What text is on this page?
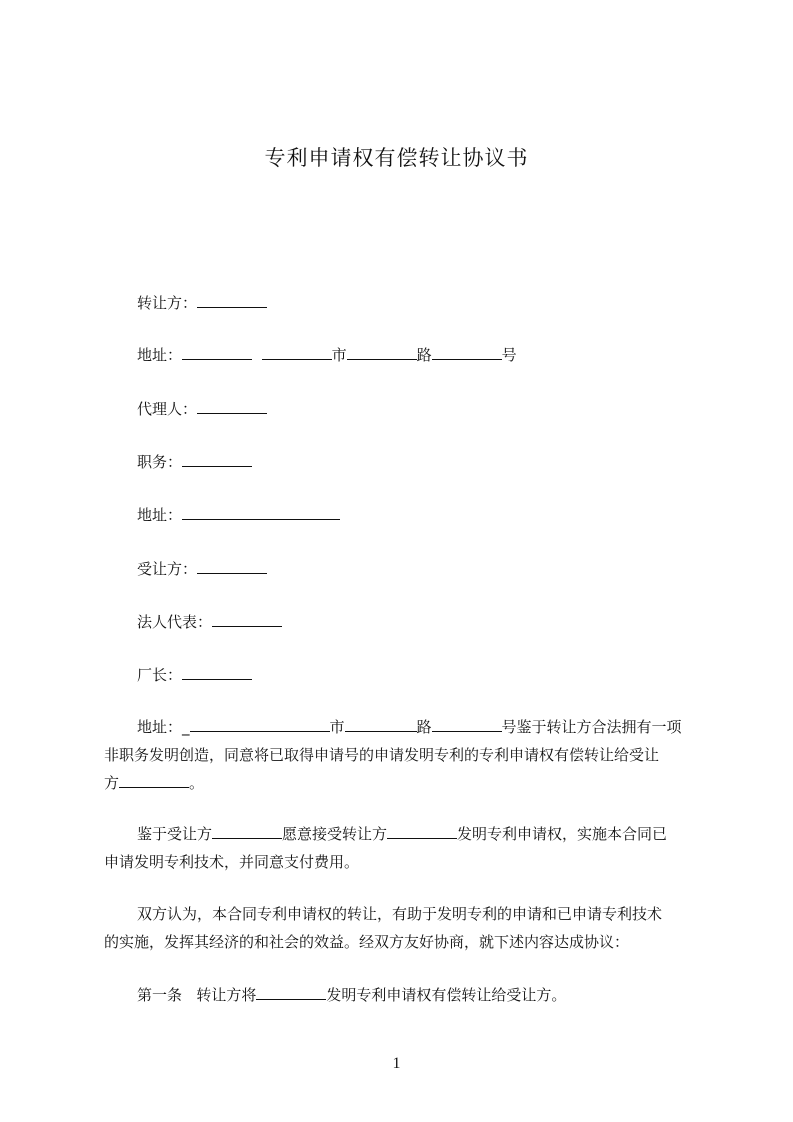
专利申请权有偿转让协议书
转让方：
地址：	市	路	号
代理人：
职务：
地址：
受让方：
法人代表：
厂长：
地址：_	市	路	号鉴于转让方合法拥有一项
非职务发明创造，同意将已取得申请号的申请发明专利的专利申请权有偿转让给受让
方	。
鉴于受让方	愿意接受转让方	发明专利申请权，实施本合同已
申请发明专利技术，并同意支付费用。
双方认为，本合同专利申请权的转让，有助于发明专利的申请和已申请专利技术
的实施，发挥其经济的和社会的效益。经双方友好协商，就下述内容达成协议：
第一条 转让方将	发明专利申请权有偿转让给受让方。
1
